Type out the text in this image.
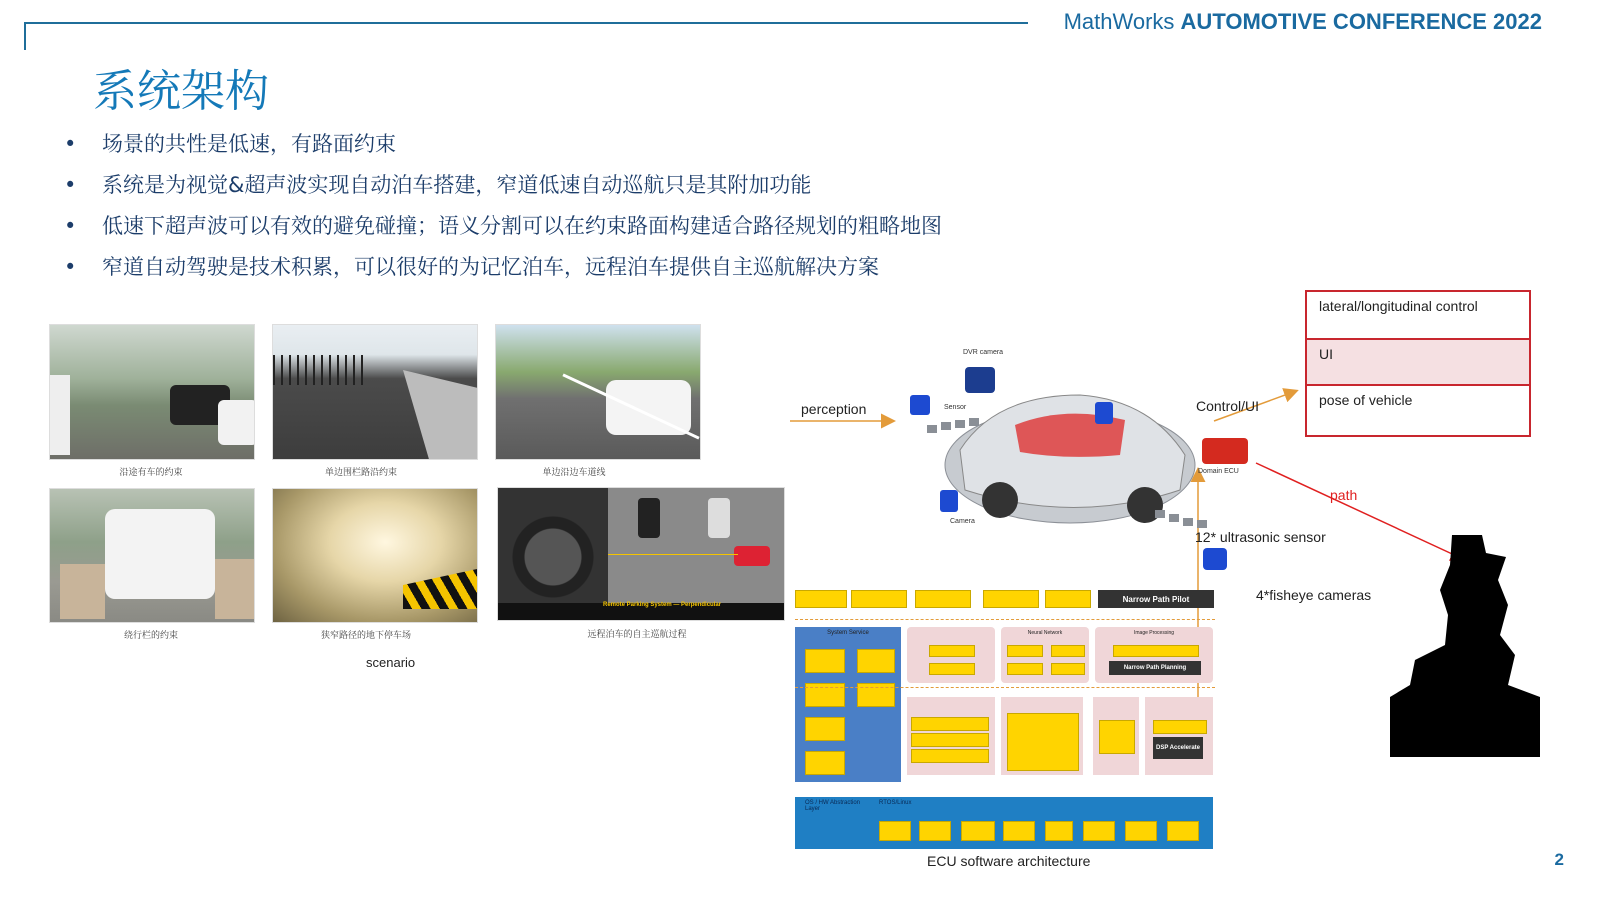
MathWorks AUTOMOTIVE CONFERENCE 2022
系统架构
• 场景的共性是低速，有路面约束
• 系统是为视觉&超声波实现自动泊车搭建，窄道低速自动巡航只是其附加功能
• 低速下超声波可以有效的避免碰撞；语义分割可以在约束路面构建适合路径规划的粗略地图
• 窄道自动驾驶是技术积累，可以很好的为记忆泊车，远程泊车提供自主巡航解决方案
Remote Parking System — Perpendicular
沿途有车的约束	单边围栏路沿约束	单边沿边车道线
绕行栏的约束	狭窄路径的地下停车场	远程泊车的自主巡航过程
scenario
perception	Control/UI
DVR camera
Sensor
Camera
Domain ECU
12* ultrasonic sensor
4*fisheye cameras
path
lateral/longitudinal control
UI
pose of vehicle
Narrow Path Pilot
System Service	Neural Network	Image Processing
Narrow Path Planning
DSP Accelerate
OS / HW Abstraction Layer
RTOS/Linux
ECU software architecture	2
